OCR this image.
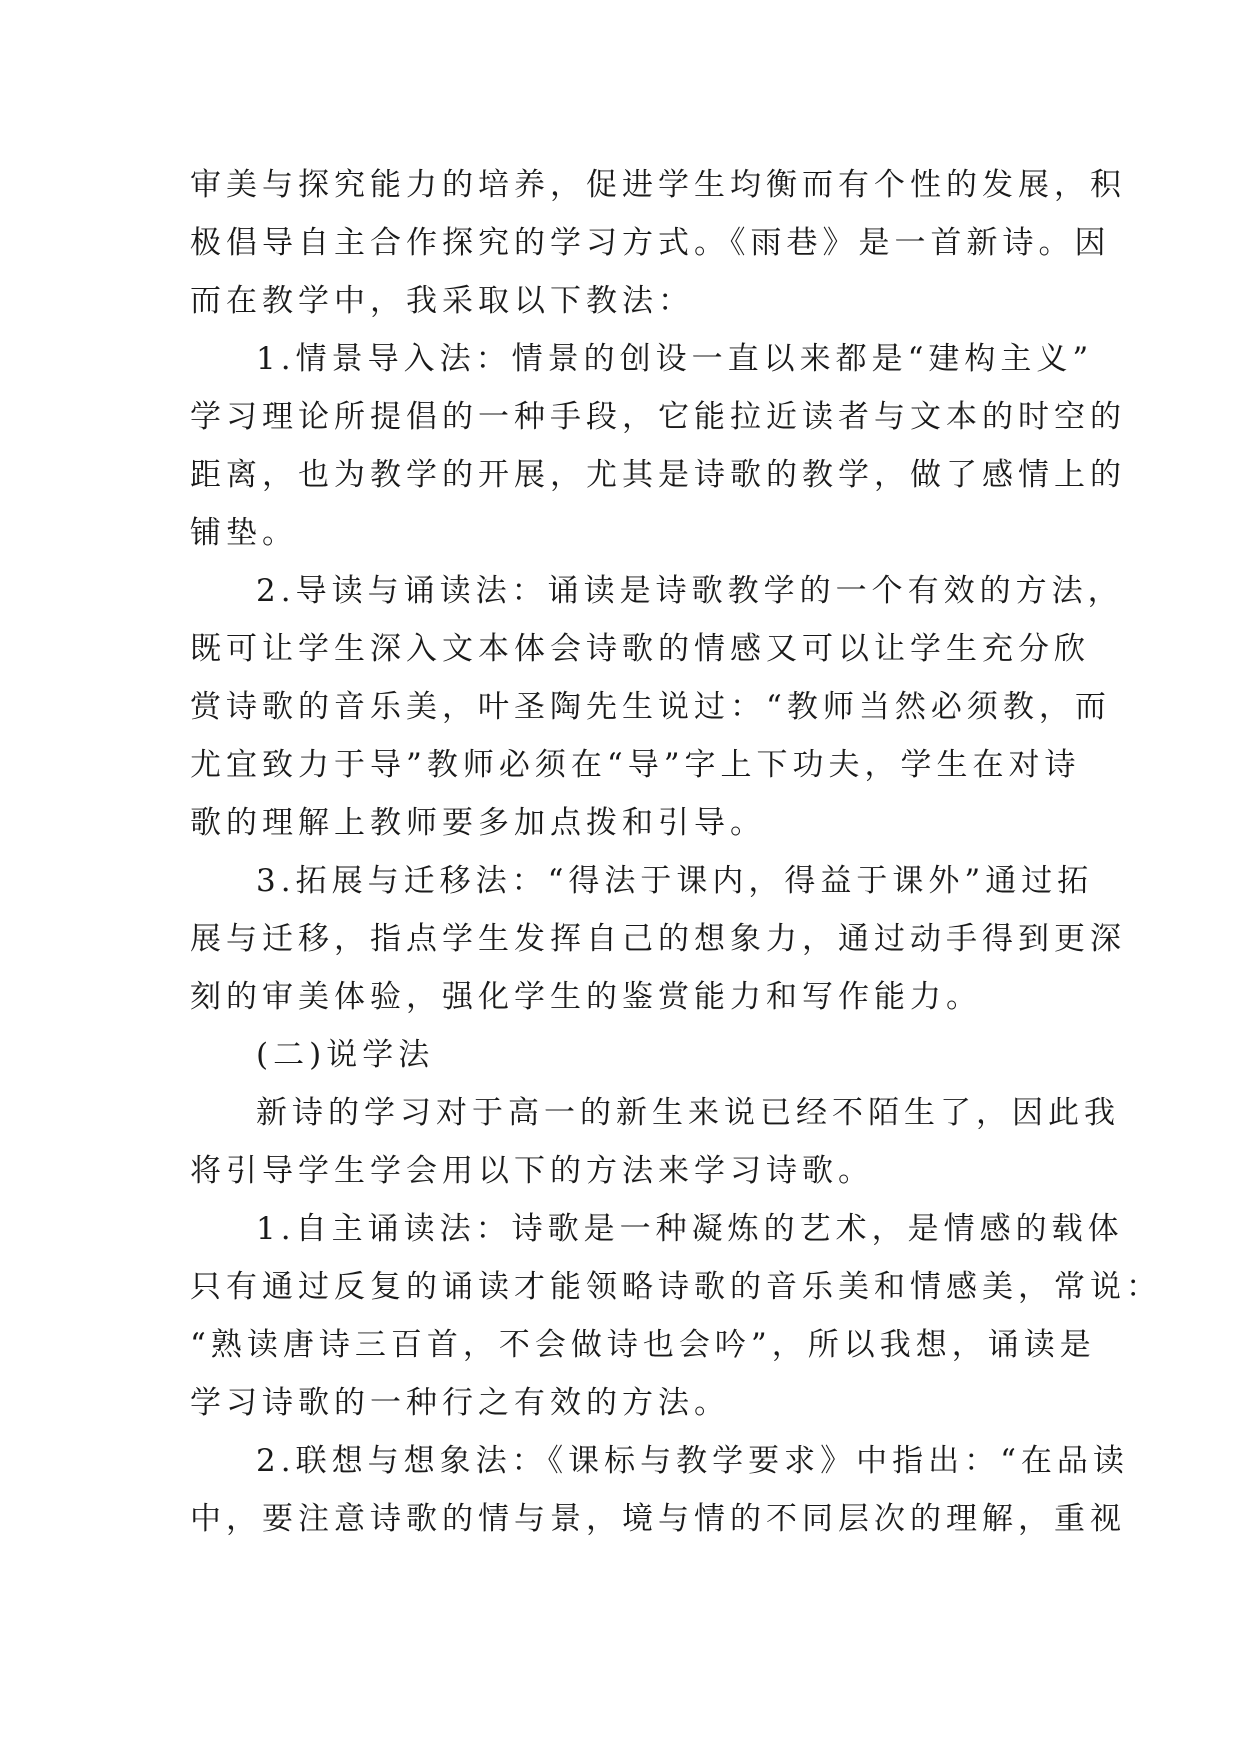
审美与探究能力的培养，促进学生均衡而有个性的发展，积
极倡导自主合作探究的学习方式。《雨巷》是一首新诗。因
而在教学中，我采取以下教法：
1.情景导入法：情景的创设一直以来都是“建构主义”
学习理论所提倡的一种手段，它能拉近读者与文本的时空的
距离，也为教学的开展，尤其是诗歌的教学，做了感情上的
铺垫。
2.导读与诵读法：诵读是诗歌教学的一个有效的方法，
既可让学生深入文本体会诗歌的情感又可以让学生充分欣
赏诗歌的音乐美，叶圣陶先生说过：“教师当然必须教，而
尤宜致力于导”教师必须在“导”字上下功夫，学生在对诗
歌的理解上教师要多加点拨和引导。
3.拓展与迁移法：“得法于课内，得益于课外”通过拓
展与迁移，指点学生发挥自己的想象力，通过动手得到更深
刻的审美体验，强化学生的鉴赏能力和写作能力。
(二)说学法
新诗的学习对于高一的新生来说已经不陌生了，因此我
将引导学生学会用以下的方法来学习诗歌。
1.自主诵读法：诗歌是一种凝炼的艺术，是情感的载体
只有通过反复的诵读才能领略诗歌的音乐美和情感美，常说：
“熟读唐诗三百首，不会做诗也会吟”，所以我想，诵读是
学习诗歌的一种行之有效的方法。
2.联想与想象法：《课标与教学要求》中指出：“在品读
中，要注意诗歌的情与景，境与情的不同层次的理解，重视
